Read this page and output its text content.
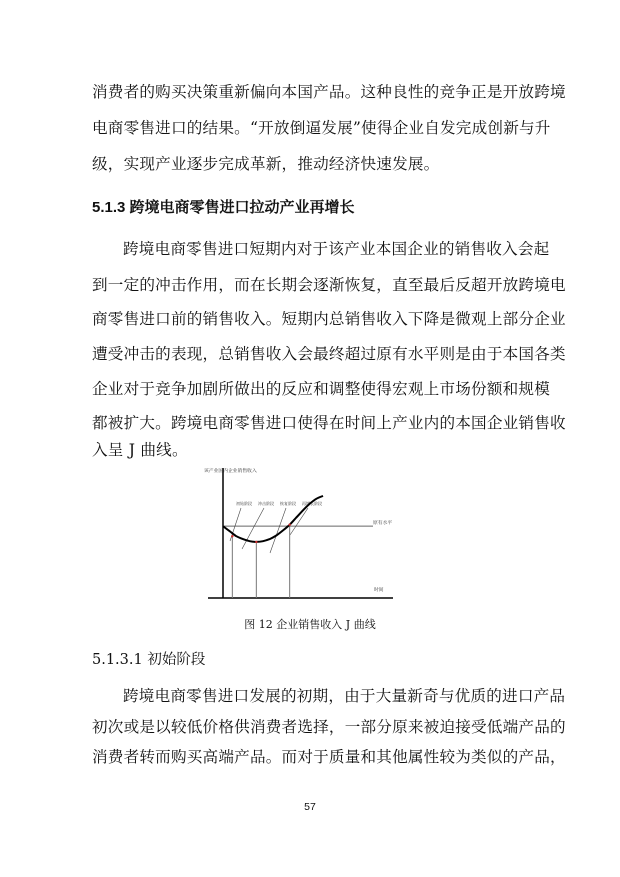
消费者的购买决策重新偏向本国产品。这种良性的竞争正是开放跨境
电商零售进口的结果。“开放倒逼发展”使得企业自发完成创新与升
级，实现产业逐步完成革新，推动经济快速发展。
5.1.3 跨境电商零售进口拉动产业再增长
跨境电商零售进口短期内对于该产业本国企业的销售收入会起
到一定的冲击作用，而在长期会逐渐恢复，直至最后反超开放跨境电
商零售进口前的销售收入。短期内总销售收入下降是微观上部分企业
遭受冲击的表现，总销售收入会最终超过原有水平则是由于本国各类
企业对于竞争加剧所做出的反应和调整使得宏观上市场份额和规模
都被扩大。跨境电商零售进口使得在时间上产业内的本国企业销售收
入呈 J 曲线。
该产业国内企业销售收入
时间
原有水平
初始阶段 冲击阶段 恢复阶段 再增长阶段
图 12 企业销售收入 J 曲线
5.1.3.1 初始阶段
跨境电商零售进口发展的初期，由于大量新奇与优质的进口产品
初次或是以较低价格供消费者选择，一部分原来被迫接受低端产品的
消费者转而购买高端产品。而对于质量和其他属性较为类似的产品，
57
